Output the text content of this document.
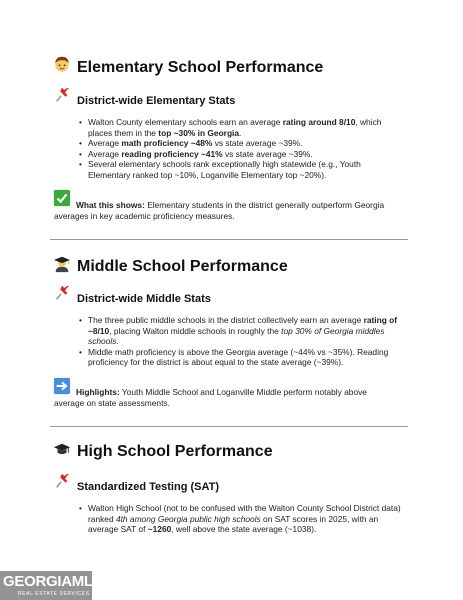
Elementary School Performance
District-wide Elementary Stats
• Walton County elementary schools earn an average rating around 8/10, which places them in the top ~30% in Georgia.
• Average math proficiency ~48% vs state average ~39%.
• Average reading proficiency ~41% vs state average ~39%.
• Several elementary schools rank exceptionally high statewide (e.g., Youth Elementary ranked top ~10%, Loganville Elementary top ~20%).
What this shows: Elementary students in the district generally outperform Georgia averages in key academic proficiency measures.
Middle School Performance
District-wide Middle Stats
• The three public middle schools in the district collectively earn an average rating of ~8/10, placing Walton middle schools in roughly the top 30% of Georgia middles schools.
• Middle math proficiency is above the Georgia average (~44% vs ~35%). Reading proficiency for the district is about equal to the state average (~39%).
Highlights: Youth Middle School and Loganville Middle perform notably above average on state assessments.
High School Performance
Standardized Testing (SAT)
• Walton High School (not to be confused with the Walton County School District data) ranked 4th among Georgia public high schools on SAT scores in 2025, with an average SAT of ~1260, well above the state average (~1038).
GEORGIAMLS
REAL ESTATE SERVICES
